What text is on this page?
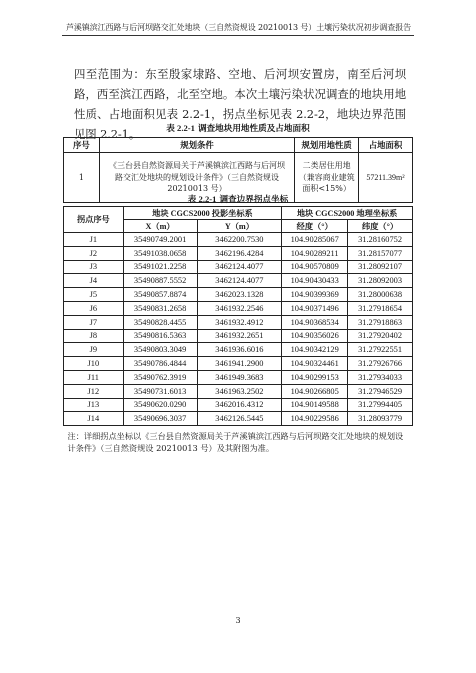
芦溪镇滨江西路与后河坝路交汇处地块（三自然资规设 20210013 号）土壤污染状况初步调查报告
四至范围为：东至殷家埭路、空地、后河坝安置房，南至后河坝路，西至滨江西路，北至空地。本次土壤污染状况调查的地块用地性质、占地面积见表 2.2-1，拐点坐标见表 2.2-2，地块边界范围见图 2.2-1。	表 2.2-1 调查地块用地性质及占地面积
序号	规划条件	规划用地性质	占地面积
1	《三台县自然资源局关于芦溪镇滨江西路与后河坝路交汇处地块的规划设计条件》（三自然资规设 20210013 号）	二类居住用地（兼容商业建筑面积<15%）	57211.39m²
表 2.2-1 调查边界拐点坐标
拐点序号	地块 CGCS2000 投影坐标系		地块 CGCS2000 地理坐标系	
	X（m）	Y（m）	经度（°）	纬度（°）
J1	35490749.2001	3462200.7530	104.90285067	31.28160752
J2	35491038.0658	3462196.4284	104.90289211	31.28157077
J3	35491021.2258	3462124.4077	104.90570809	31.28092107
J4	35490887.5552	3462124.4077	104.90430433	31.28092003
J5	35490857.8874	3462023.1328	104.90399369	31.28000638
J6	35490831.2658	3461932.2546	104.90371496	31.27918654
J7	35490828.4455	3461932.4912	104.90368534	31.27918863
J8	35490816.5363	3461932.2651	104.90356026	31.27920402
J9	35490803.3049	3461936.6016	104.90342129	31.27922551
J10	35490786.4844	3461941.2900	104.90324461	31.27926766
J11	35490762.3919	3461949.3683	104.90299153	31.27934033
J12	35490731.6013	3461963.2502	104.90266805	31.27946529
J13	35490620.0290	3462016.4312	104.90149588	31.27994405
J14	35490696.3037	3462126.5445	104.90229586	31.28093779
注：详细拐点坐标以《三台县自然资源局关于芦溪镇滨江西路与后河坝路交汇处地块的规划设计条件》（三自然资规设 20210013 号）及其附图为准。				
3
